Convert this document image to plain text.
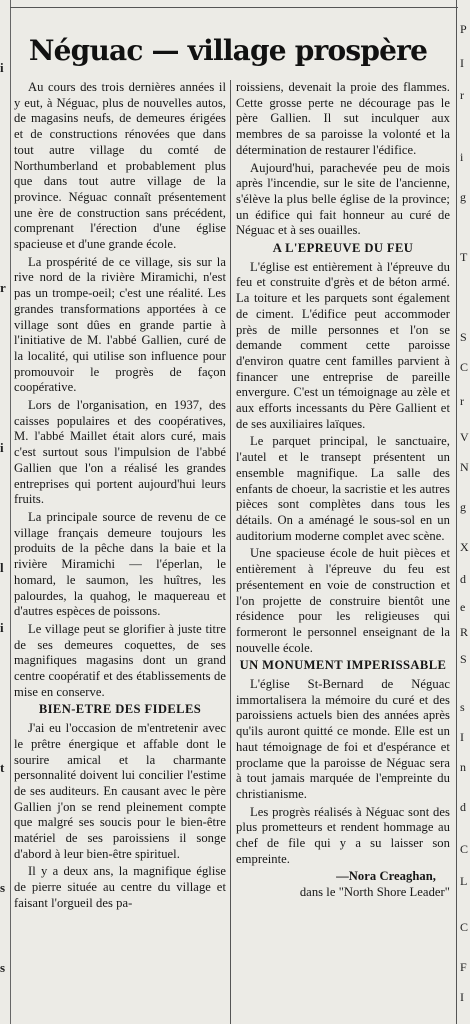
Néguac — village prospère

Au cours des trois dernières années il y eut, à Néguac, plus de nouvelles autos, de magasins neufs, de demeures érigées et de constructions rénovées que dans tout autre village du comté de Northumberland et probablement plus que dans tout autre village de la province. Néguac connaît présentement une ère de construction sans précédent, comprenant l'érection d'une église spacieuse et d'une grande école.

La prospérité de ce village, sis sur la rive nord de la rivière Miramichi, n'est pas un trompe-oeil; c'est une réalité. Les grandes transformations apportées à ce village sont dûes en grande partie à l'initiative de M. l'abbé Gallien, curé de la localité, qui utilise son influence pour promouvoir le progrès de façon coopérative.

Lors de l'organisation, en 1937, des caisses populaires et des coopératives, M. l'abbé Maillet était alors curé, mais c'est surtout sous l'impulsion de l'abbé Gallien que l'on a réalisé les grandes entreprises qui portent aujourd'hui leurs fruits.

La principale source de revenu de ce village français demeure toujours les produits de la pêche dans la baie et la rivière Miramichi — l'éperlan, le homard, le saumon, les huîtres, les palourdes, la quahog, le maquereau et d'autres espèces de poissons.

Le village peut se glorifier à juste titre de ses demeures coquettes, de ses magnifiques magasins dont un grand centre coopératif et des établissements de mise en conserve.

BIEN-ETRE DES FIDELES

J'ai eu l'occasion de m'entretenir avec le prêtre énergique et affable dont le sourire amical et la charmante personnalité doivent lui concilier l'estime de ses auditeurs. En causant avec le père Gallien j'on se rend pleinement compte que malgré ses soucis pour le bien-être matériel de ses paroissiens il songe d'abord à leur bien-être spirituel.

Il y a deux ans, la magnifique église de pierre située au centre du village et faisant l'orgueil des pa-

roissiens, devenait la proie des flammes. Cette grosse perte ne décourage pas le père Gallien. Il sut inculquer aux membres de sa paroisse la volonté et la détermination de restaurer l'édifice.

Aujourd'hui, parachevée peu de mois après l'incendie, sur le site de l'ancienne, s'élève la plus belle église de la province; un édifice qui fait honneur au curé de Néguac et à ses ouailles.

A L'EPREUVE DU FEU

L'église est entièrement à l'épreuve du feu et construite d'grès et de béton armé. La toiture et les parquets sont également de ciment. L'édifice peut accommoder près de mille personnes et l'on se demande comment cette paroisse d'environ quatre cent familles parvient à financer une entreprise de pareille envergure. C'est un témoignage au zèle et aux efforts incessants du Père Gallient et de ses auxiliaires laïques.

Le parquet principal, le sanctuaire, l'autel et le transept présentent un ensemble magnifique. La salle des enfants de choeur, la sacristie et les autres pièces sont complètes dans tous les détails. On a aménagé le sous-sol en un auditorium moderne complet avec scène.

Une spacieuse école de huit pièces et entièrement à l'épreuve du feu est présentement en voie de construction et l'on projette de construire bientôt une résidence pour les religieuses qui formeront le personnel enseignant de la nouvelle école.

UN MONUMENT IMPERISSABLE

L'église St-Bernard de Néguac immortalisera la mémoire du curé et des paroissiens actuels bien des années après qu'ils auront quitté ce monde. Elle est un haut témoignage de foi et d'espérance et proclame que la paroisse de Néguac sera à tout jamais marquée de l'empreinte du christianisme.

Les progrès réalisés à Néguac sont des plus prometteurs et rendent hommage au chef de file qui y a su laisser son empreinte.

—Nora Creaghan,

dans le "North Shore Leader"

P
I
r
i
g
T
S
C
r
V
N
g
X
d
e
R
S
s
I
n
d
C
L
C
F
I
i
r
i
l
i
t
s
s
